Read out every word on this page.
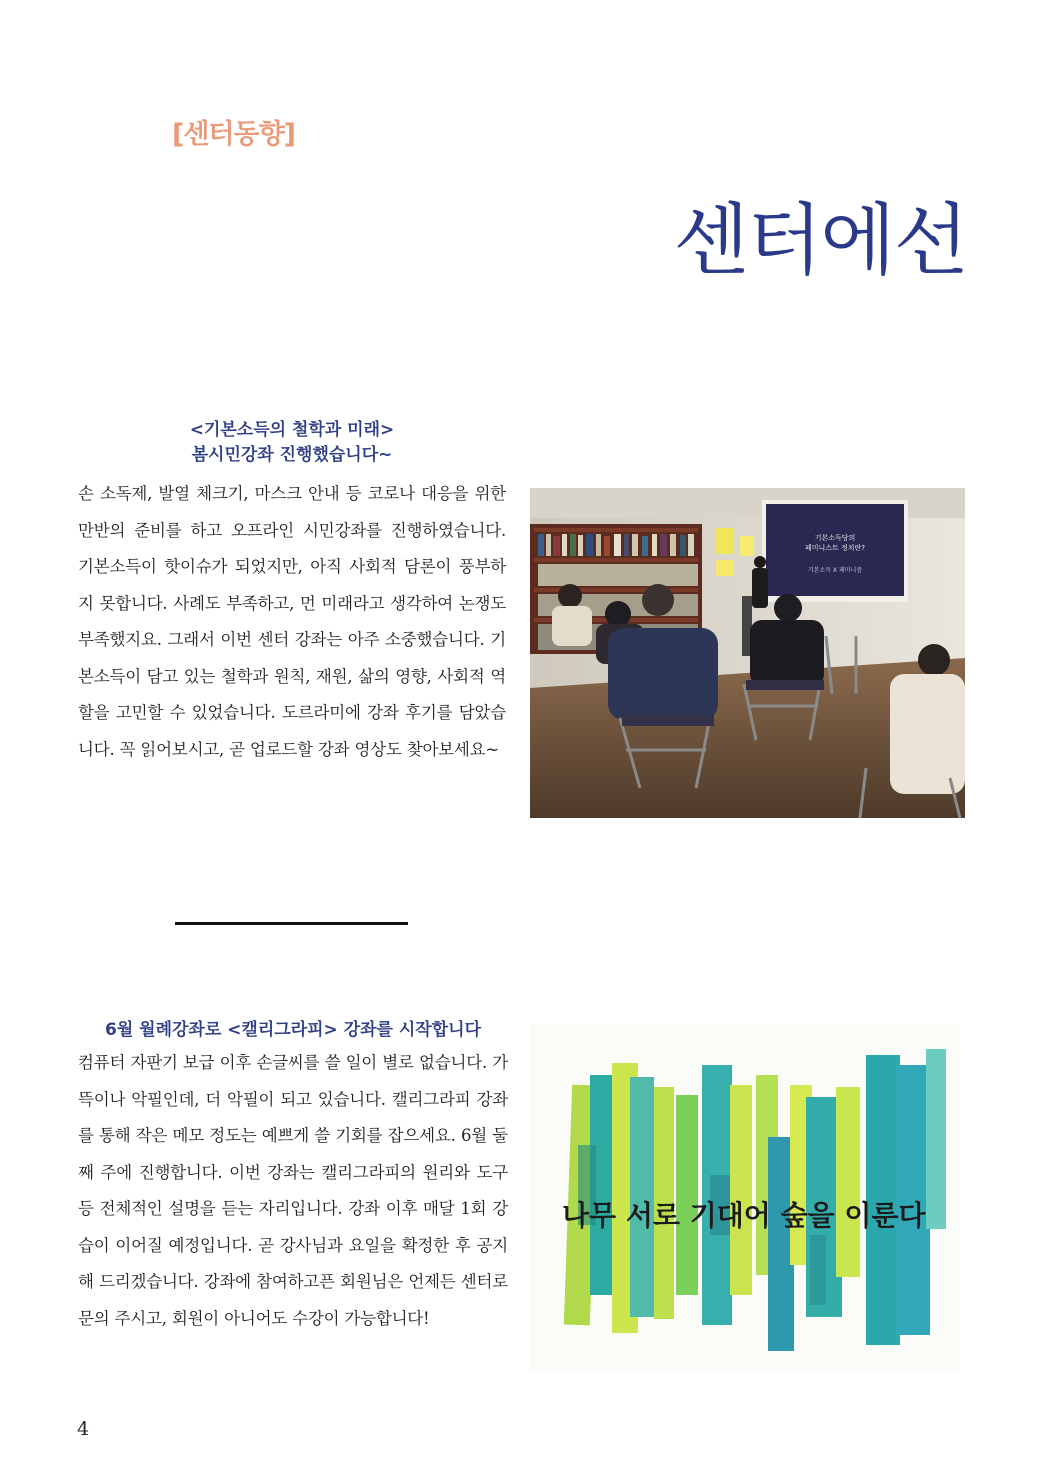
[센터동향]
센터에선
<기본소득의 철학과 미래>
봄시민강좌 진행했습니다~
손 소독제, 발열 체크기, 마스크 안내 등 코로나 대응을 위한 만반의 준비를 하고 오프라인 시민강좌를 진행하였습니다. 기본소득이 핫이슈가 되었지만, 아직 사회적 담론이 풍부하지 못합니다. 사례도 부족하고, 먼 미래라고 생각하여 논쟁도 부족했지요. 그래서 이번 센터 강좌는 아주 소중했습니다. 기본소득이 담고 있는 철학과 원칙, 재원, 삶의 영향, 사회적 역할을 고민할 수 있었습니다. 도르라미에 강좌 후기를 담았습니다. 꼭 읽어보시고, 곧 업로드할 강좌 영상도 찾아보세요~
기본소득당의
페미니스트 정치란?
기본소득 X 페미니즘
6월 월례강좌로 <캘리그라피> 강좌를 시작합니다
컴퓨터 자판기 보급 이후 손글씨를 쓸 일이 별로 없습니다. 가뜩이나 악필인데, 더 악필이 되고 있습니다. 캘리그라피 강좌를 통해 작은 메모 정도는 예쁘게 쓸 기회를 잡으세요. 6월 둘째 주에 진행합니다. 이번 강좌는 캘리그라피의 원리와 도구 등 전체적인 설명을 듣는 자리입니다. 강좌 이후 매달 1회 강습이 이어질 예정입니다. 곧 강사님과 요일을 확정한 후 공지해 드리겠습니다. 강좌에 참여하고픈 회원님은 언제든 센터로 문의 주시고, 회원이 아니어도 수강이 가능합니다!
나무 서로 기대어 숲을 이룬다
4
